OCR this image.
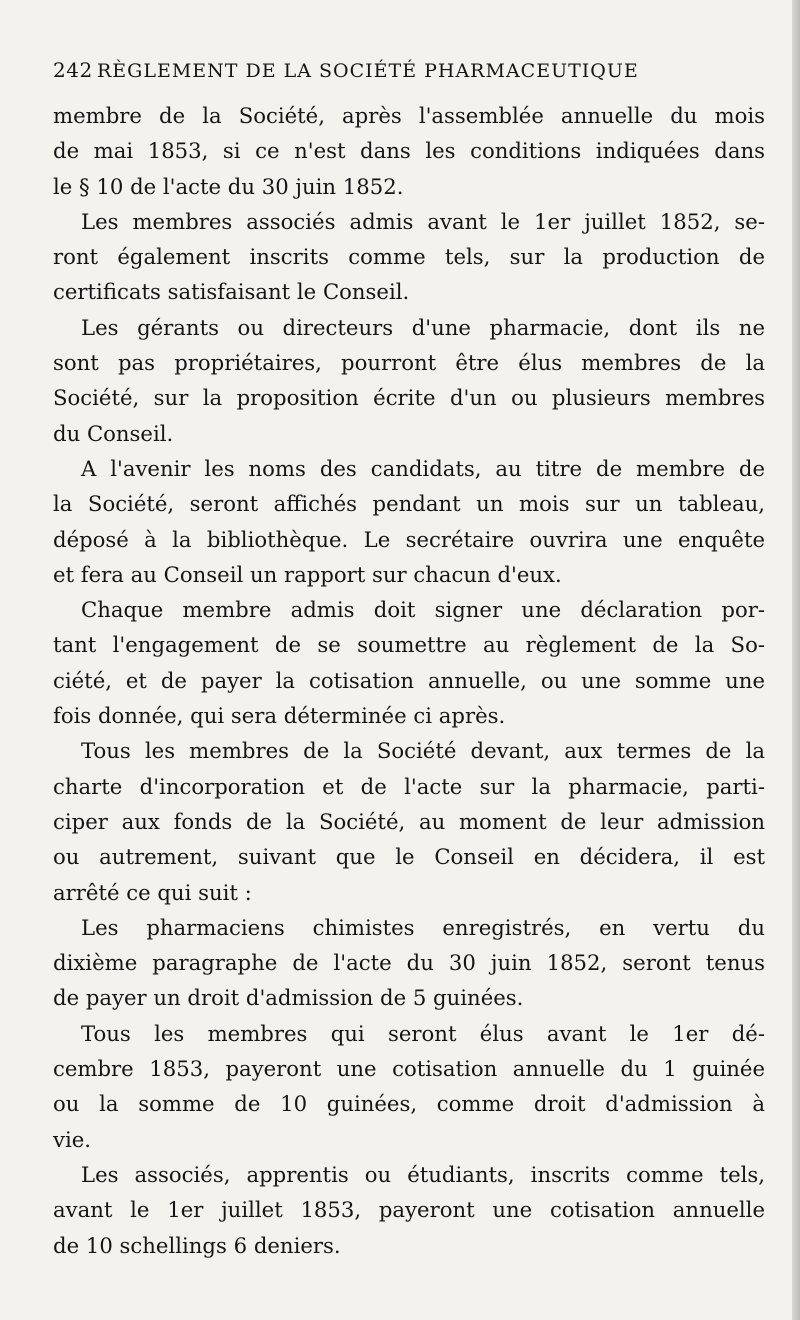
242 RÈGLEMENT DE LA SOCIÉTÉ PHARMACEUTIQUE
membre de la Société, après l'assemblée annuelle du mois
de mai 1853, si ce n'est dans les conditions indiquées dans
le § 10 de l'acte du 30 juin 1852.
Les membres associés admis avant le 1er juillet 1852, se-
ront également inscrits comme tels, sur la production de
certificats satisfaisant le Conseil.
Les gérants ou directeurs d'une pharmacie, dont ils ne
sont pas propriétaires, pourront être élus membres de la
Société, sur la proposition écrite d'un ou plusieurs membres
du Conseil.
A l'avenir les noms des candidats, au titre de membre de
la Société, seront affichés pendant un mois sur un tableau,
déposé à la bibliothèque. Le secrétaire ouvrira une enquête
et fera au Conseil un rapport sur chacun d'eux.
Chaque membre admis doit signer une déclaration por-
tant l'engagement de se soumettre au règlement de la So-
ciété, et de payer la cotisation annuelle, ou une somme une
fois donnée, qui sera déterminée ci après.
Tous les membres de la Société devant, aux termes de la
charte d'incorporation et de l'acte sur la pharmacie, parti-
ciper aux fonds de la Société, au moment de leur admission
ou autrement, suivant que le Conseil en décidera, il est
arrêté ce qui suit :
Les pharmaciens chimistes enregistrés, en vertu du
dixième paragraphe de l'acte du 30 juin 1852, seront tenus
de payer un droit d'admission de 5 guinées.
Tous les membres qui seront élus avant le 1er dé-
cembre 1853, payeront une cotisation annuelle du 1 guinée
ou la somme de 10 guinées, comme droit d'admission à
vie.
Les associés, apprentis ou étudiants, inscrits comme tels,
avant le 1er juillet 1853, payeront une cotisation annuelle
de 10 schellings 6 deniers.
